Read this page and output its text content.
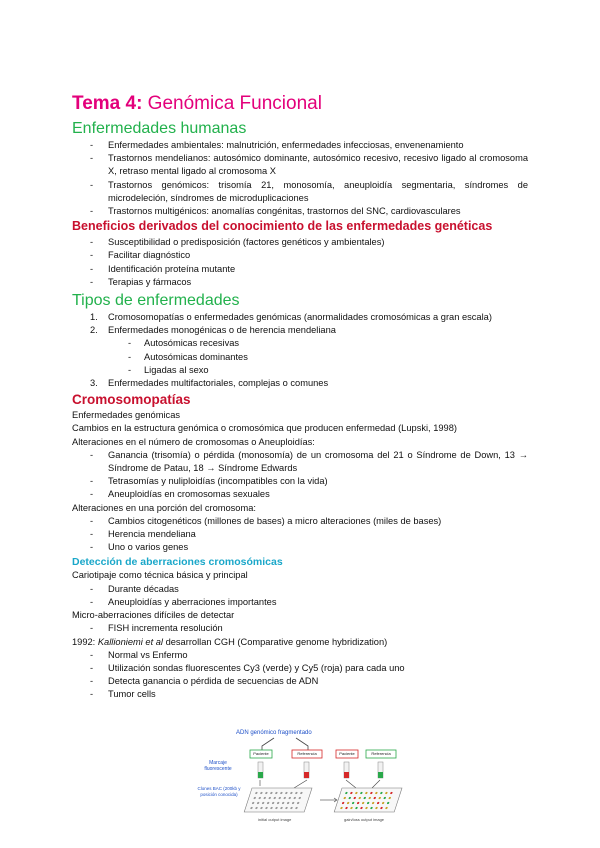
Tema 4: Genómica Funcional
Enfermedades humanas
- Enfermedades ambientales: malnutrición, enfermedades infecciosas, envenenamiento
- Trastornos mendelianos: autosómico dominante, autosómico recesivo, recesivo ligado al cromosoma X, retraso mental ligado al cromosoma X
- Trastornos genómicos: trisomía 21, monosomía, aneuploidía segmentaria, síndromes de microdeleción, síndromes de microduplicaciones
- Trastornos multigénicos: anomalías congénitas, trastornos del SNC, cardiovasculares
Beneficios derivados del conocimiento de las enfermedades genéticas
- Susceptibilidad o predisposición (factores genéticos y ambientales)
- Facilitar diagnóstico
- Identificación proteína mutante
- Terapias y fármacos
Tipos de enfermedades
1. Cromosomopatías o enfermedades genómicas (anormalidades cromosómicas a gran escala)
2. Enfermedades monogénicas o de herencia mendeliana
- Autosómicas recesivas
- Autosómicas dominantes
- Ligadas al sexo
3. Enfermedades multifactoriales, complejas o comunes
Cromosomopatías

Enfermedades genómicas

Cambios en la estructura genómica o cromosómica que producen enfermedad (Lupski, 1998)

Alteraciones en el número de cromosomas o Aneuploidías:

- Ganancia (trisomía) o pérdida (monosomía) de un cromosoma del 21 o Síndrome de Down, 13 → Síndrome de Patau, 18 → Síndrome Edwards
- Tetrasomías y nuliploidías (incompatibles con la vida)
- Aneuploidías en cromosomas sexuales

Alteraciones en una porción del cromosoma:

- Cambios citogenéticos (millones de bases) a micro alteraciones (miles de bases)
- Herencia mendeliana
- Uno o varios genes
Detección de aberraciones cromosómicas

Cariotipaje como técnica básica y principal

- Durante décadas
- Aneuploidías y aberraciones importantes

Micro-aberraciones difíciles de detectar

- FISH incrementa resolución

1992: Kallioniemi et al desarrollan CGH (Comparative genome hybridization)

- Normal vs Enfermo
- Utilización sondas fluorescentes Cy3 (verde) y Cy5 (roja) para cada uno
- Detecta ganancia o pérdida de secuencias de ADN
- Tumor cells
ADN genómico fragmentado
Marcaje fluorescente
Clones BAC (200kb y posición conocida)
Paciente	Referencia	Paciente	Referencia
initial output image	gain/loss output image
